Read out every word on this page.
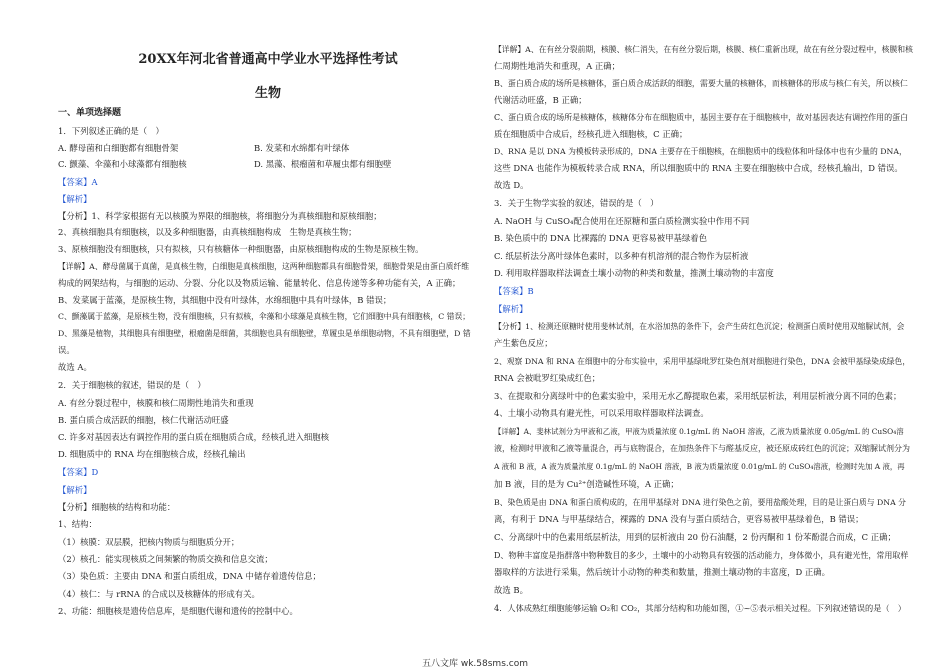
20XX年河北省普通高中学业水平选择性考试
生物
一、单项选择题
1．下列叙述正确的是（　）
A. 酵母菌和白细胞都有细胞骨架	B. 发菜和水绵都有叶绿体
C. 颤藻、伞藻和小球藻都有细胞核	D. 黑藻、根瘤菌和草履虫都有细胞壁
【答案】A
【解析】
【分析】1、科学家根据有无以核膜为界限的细胞核，将细胞分为真核细胞和原核细胞；
2、真核细胞具有细胞核，以及多种细胞器，由真核细胞构成　生物是真核生物；
3、原核细胞没有细胞核，只有拟核，只有核糖体一种细胞器，由原核细胞构成的生物是原核生物。
【详解】A、酵母菌属于真菌，是真核生物，白细胞是真核细胞，这两种细胞都具有细胞骨架，细胞骨架是由蛋白质纤维
构成的网架结构，与细胞的运动、分裂、分化以及物质运输、能量转化、信息传递等多种功能有关，A 正确；
B、发菜属于蓝藻，是原核生物，其细胞中没有叶绿体，水绵细胞中具有叶绿体，B 错误；
C、颤藻属于蓝藻，是原核生物，没有细胞核，只有拟核，伞藻和小球藻是真核生物，它们细胞中具有细胞核，C 错误；
D、黑藻是植物，其细胞具有细胞壁，根瘤菌是细菌，其细胞也具有细胞壁，草履虫是单细胞动物，不具有细胞壁，D 错
误。
故选 A。
2．关于细胞核的叙述，错误的是（　）
A. 有丝分裂过程中，核膜和核仁周期性地消失和重现
B. 蛋白质合成活跃的细胞，核仁代谢活动旺盛
C. 许多对基因表达有调控作用的蛋白质在细胞质合成，经核孔进入细胞核
D. 细胞质中的 RNA 均在细胞核合成，经核孔输出
【答案】D
【解析】
【分析】细胞核的结构和功能：
1、结构：
（1）核膜：双层膜，把核内物质与细胞质分开；
（2）核孔：能实现核质之间频繁的物质交换和信息交流；
（3）染色质：主要由 DNA 和蛋白质组成，DNA 中储存着遗传信息；
（4）核仁：与 rRNA 的合成以及核糖体的形成有关。
2、功能：细胞核是遗传信息库，是细胞代谢和遗传的控制中心。
【详解】A、在有丝分裂前期，核膜、核仁消失，在有丝分裂后期，核膜、核仁重新出现，故在有丝分裂过程中，核膜和核
仁周期性地消失和重现，A 正确；
B、蛋白质合成的场所是核糖体，蛋白质合成活跃的细胞，需要大量的核糖体，而核糖体的形成与核仁有关，所以核仁
代谢活动旺盛，B 正确；
C、蛋白质合成的场所是核糖体，核糖体分布在细胞质中，基因主要存在于细胞核中，故对基因表达有调控作用的蛋白
质在细胞质中合成后，经核孔进入细胞核，C 正确；
D、RNA 是以 DNA 为模板转录形成的，DNA 主要存在于细胞核，在细胞质中的线粒体和叶绿体中也有少量的 DNA，
这些 DNA 也能作为模板转录合成 RNA，所以细胞质中的 RNA 主要在细胞核中合成，经核孔输出，D 错误。
故选 D。
3．关于生物学实验的叙述，错误的是（　）
A. NaOH 与 CuSO₄配合使用在还原糖和蛋白质检测实验中作用不同
B. 染色质中的 DNA 比裸露的 DNA 更容易被甲基绿着色
C. 纸层析法分离叶绿体色素时，以多种有机溶剂的混合物作为层析液
D. 利用取样器取样法调查土壤小动物的种类和数量，推测土壤动物的丰富度
【答案】B
【解析】
【分析】1、检测还原糖时使用斐林试剂，在水浴加热的条件下，会产生砖红色沉淀；检测蛋白质时使用双缩脲试剂，会
产生紫色反应；
2、观察 DNA 和 RNA 在细胞中的分布实验中，采用甲基绿吡罗红染色剂对细胞进行染色，DNA 会被甲基绿染成绿色，
RNA 会被吡罗红染成红色；
3、在提取和分离绿叶中的色素实验中，采用无水乙醇提取色素，采用纸层析法，利用层析液分离不同的色素；
4、土壤小动物具有避光性，可以采用取样器取样法调查。
【详解】A、斐林试剂分为甲液和乙液，甲液为质量浓度 0.1g/mL 的 NaOH 溶液，乙液为质量浓度 0.05g/mL 的 CuSO₄溶
液，检测时甲液和乙液等量混合，再与底物混合，在加热条件下与醛基反应，被还原成砖红色的沉淀；双缩脲试剂分为
A 液和 B 液，A 液为质量浓度 0.1g/mL 的 NaOH 溶液，B 液为质量浓度 0.01g/mL 的 CuSO₄溶液，检测时先加 A 液，再
加 B 液，目的是为 Cu²⁺创造碱性环境，A 正确；
B、染色质是由 DNA 和蛋白质构成的，在用甲基绿对 DNA 进行染色之前，要用盐酸处理，目的是让蛋白质与 DNA 分
离，有利于 DNA 与甲基绿结合，裸露的 DNA 没有与蛋白质结合，更容易被甲基绿着色，B 错误；
C、分离绿叶中的色素用纸层析法，用到的层析液由 20 份石油醚，2 份丙酮和 1 份苯酚混合而成，C 正确；
D、物种丰富度是指群落中物种数目的多少，土壤中的小动物具有较强的活动能力，身体微小，具有避光性，常用取样
器取样的方法进行采集，然后统计小动物的种类和数量，推测土壤动物的丰富度，D 正确。
故选 B。
4．人体成熟红细胞能够运输 O₂和 CO₂，其部分结构和功能如图，①~⑤表示相关过程。下列叙述错误的是（　）
五八文库 wk.58sms.com
